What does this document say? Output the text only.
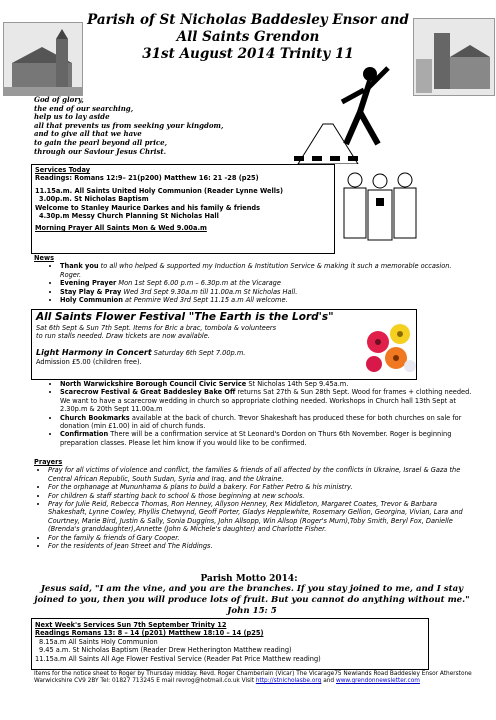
Parish of St Nicholas Baddesley Ensor and
All Saints Grendon
31st August 2014 Trinity 11
God of glory,
the end of our searching,
help us to lay aside
all that prevents us from seeking your kingdom,
and to give all that we have
to gain the pearl beyond all price,
through our Saviour Jesus Christ.
Services Today
Readings: Romans 12:9– 21(p200) Matthew 16: 21 -28 (p25)
11.15a.m. All Saints United Holy Communion (Reader Lynne Wells)
3.00p.m. St Nicholas Baptism
Welcome to Stanley Maurice Darkes and his family & friends
4.30p.m Messy Church Planning St Nicholas Hall
Morning Prayer All Saints Mon & Wed 9.00a.m
News
• Thank you to all who helped & supported my Induction & Institution Service & making it such a memorable occasion. Roger.
• Evening Prayer Mon 1st Sept 6.00 p.m – 6.30p.m at the Vicarage
• Stay Play & Pray Wed 3rd Sept 9.30a.m till 11.00a.m St Nicholas Hall.
• Holy Communion at Penmire Wed 3rd Sept 11.15 a.m All welcome.
All Saints Flower Festival "The Earth is the Lord's"
Sat 6th Sept & Sun 7th Sept. Items for Bric a brac, tombola & volunteers
to run stalls needed. Draw tickets are now available.
Light Harmony in Concert Saturday 6th Sept 7.00p.m.
Admission £5.00 (children free).
• North Warwickshire Borough Council Civic Service St Nicholas 14th Sep 9.45a.m.
• Scarecrow Festival & Great Baddesley Bake Off returns Sat 27th & Sun 28th Sept. Wood for frames + clothing needed. We want to have a scarecrow wedding in church so appropriate clothing needed. Workshops in Church hall 13th Sept at 2.30p.m & 20th Sept 11.00a.m
• Church Bookmarks available at the back of church. Trevor Shakeshaft has produced these for both churches on sale for donation (min £1.00) in aid of church funds.
• Confirmation There will be a confirmation service at St Leonard's Dordon on Thurs 6th November. Roger is beginning preparation classes. Please let him know if you would like to be confirmed.
Prayers
• Pray for all victims of violence and conflict, the families & friends of all affected by the conflicts in Ukraine, Israel & Gaza the Central African Republic, South Sudan, Syria and Iraq. and the Ukraine.
• For the orphanage at Mununhama & plans to build a bakery. For Father Petro & his ministry.
• For children & staff starting back to school & those beginning at new schools.
• Pray for Julie Reid, Rebecca Thomas, Ron Henney, Allyson Henney, Rex Middleton, Margaret Coates, Trevor & Barbara Shakeshaft, Lynne Cowley, Phyllis Chetwynd, Geoff Porter, Gladys Hepplewhite, Rosemary Gellion, Georgina, Vivian, Lara and Courtney, Marie Bird, Justin & Sally, Sonia Duggins, John Allsopp, Win Allsop (Roger's Mum),Toby Smith, Beryl Fox, Danielle (Brenda's granddaughter),Annette (John & Michele's daughter) and Charlotte Fisher.
• For the family & friends of Gary Cooper.
• For the residents of Jean Street and The Riddings.
Parish Motto 2014:
Jesus said, "I am the vine, and you are the branches. If you stay joined to me, and I stay joined to you, then you will produce lots of fruit. But you cannot do anything without me." John 15: 5
Next Week's Services Sun 7th September Trinity 12
Readings Romans 13: 8 – 14 (p201) Matthew 18:10 – 14 (p25)
8.15a.m All Saints Holy Communion
9.45 a.m. St Nicholas Baptism (Reader Drew Hetherington Matthew reading)
11.15a.m All Saints All Age Flower Festival Service (Reader Pat Price Matthew reading)
Items for the notice sheet to Roger by Thursday midday. Revd. Roger Chamberlain (Vicar) The Vicarage75 Newlands Road Baddesley Ensor Atherstone Warwickshire CV9 2BY Tel: 01827 713245 E mail revrog@hotmail.co.uk Visit http://stnicholasbe.org and www.grendonnewsletter.com
